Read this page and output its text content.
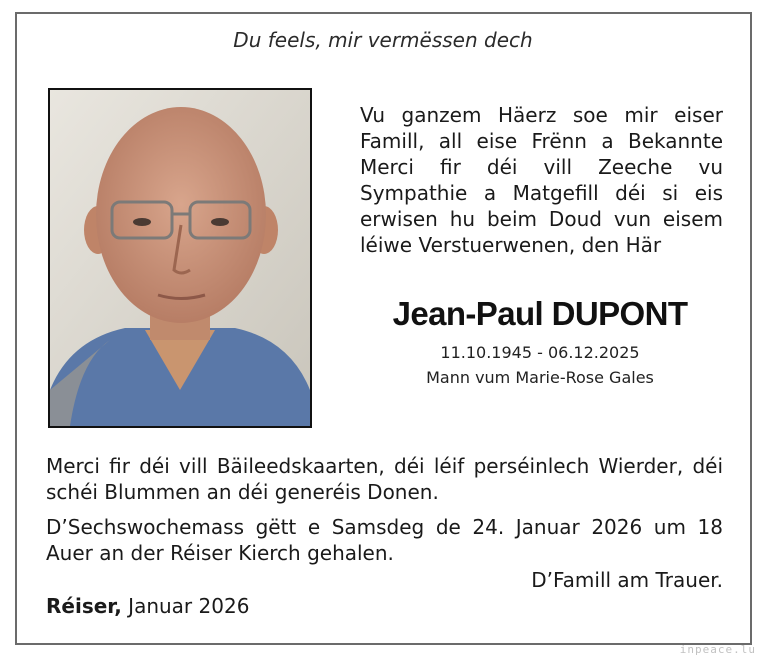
Du feels, mir vermëssen dech
Vu ganzem Häerz soe mir eiser Famill, all eise Frënn a Bekannte Merci fir déi vill Zeeche vu Sympathie a Matgefill déi si eis erwisen hu beim Doud vun eisem léiwe Verstuerwenen, den Här
Jean-Paul DUPONT
11.10.1945 - 06.12.2025
Mann vum Marie-Rose Gales
Merci fir déi vill Bäileedskaarten, déi léif perséinlech Wierder, déi schéi Blummen an déi generéis Donen.
D’Sechswochemass gëtt e Samsdeg de 24. Januar 2026 um 18 Auer an der Réiser Kierch gehalen.
D’Famill am Trauer.
Réiser, Januar 2026
inpeace.lu
